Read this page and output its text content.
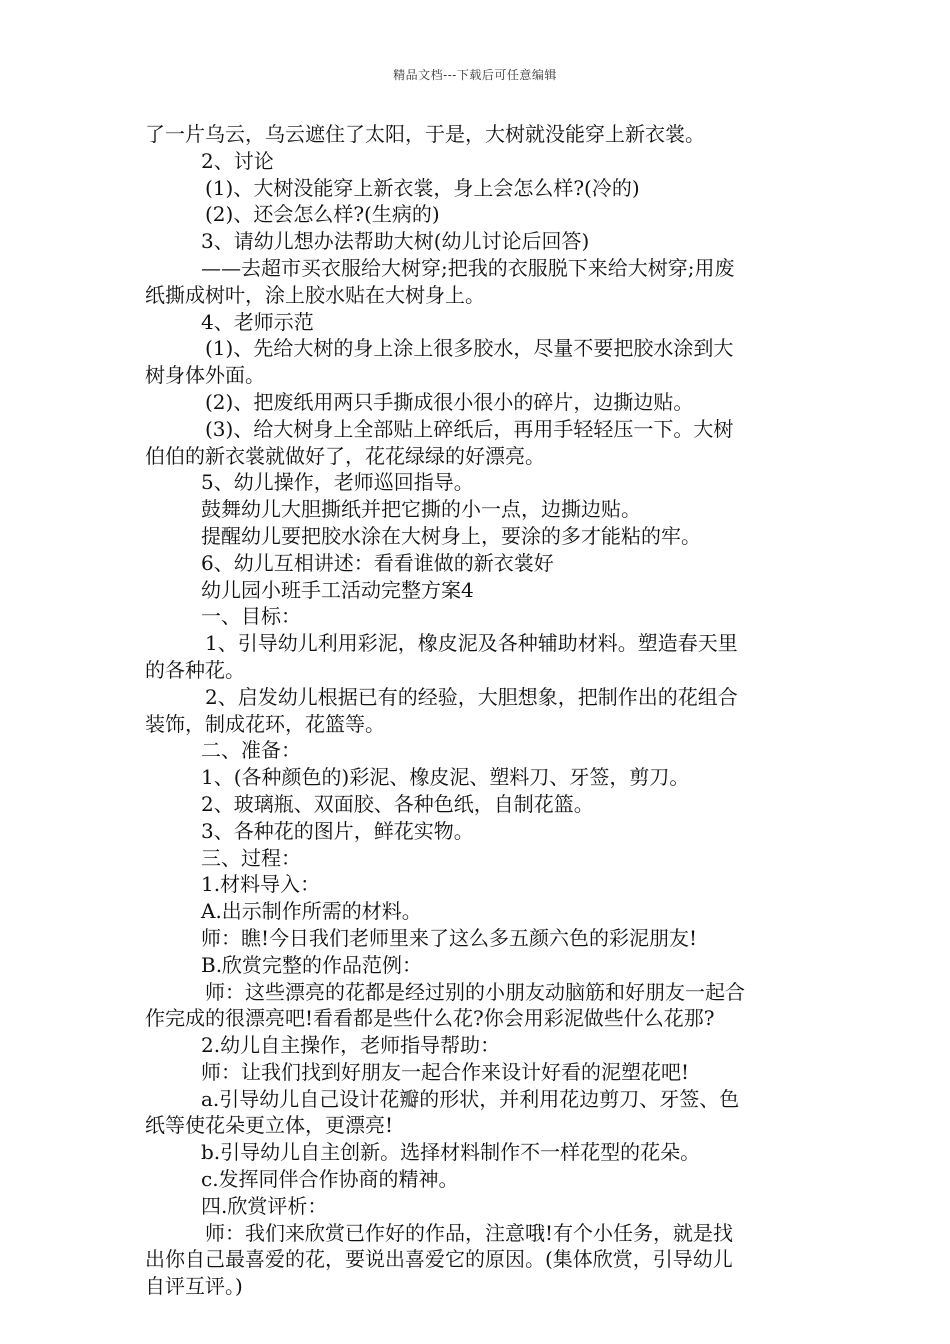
精品文档---下载后可任意编辑
了一片乌云，乌云遮住了太阳，于是，大树就没能穿上新衣裳。
2、讨论
(1)、大树没能穿上新衣裳，身上会怎么样?(冷的)
(2)、还会怎么样?(生病的)
3、请幼儿想办法帮助大树(幼儿讨论后回答)
——去超市买衣服给大树穿;把我的衣服脱下来给大树穿;用废
纸撕成树叶，涂上胶水贴在大树身上。
4、老师示范
(1)、先给大树的身上涂上很多胶水，尽量不要把胶水涂到大
树身体外面。
(2)、把废纸用两只手撕成很小很小的碎片，边撕边贴。
(3)、给大树身上全部贴上碎纸后，再用手轻轻压一下。大树
伯伯的新衣裳就做好了，花花绿绿的好漂亮。
5、幼儿操作，老师巡回指导。
鼓舞幼儿大胆撕纸并把它撕的小一点，边撕边贴。
提醒幼儿要把胶水涂在大树身上，要涂的多才能粘的牢。
6、幼儿互相讲述：看看谁做的新衣裳好
幼儿园小班手工活动完整方案4
一、目标：
1、引导幼儿利用彩泥，橡皮泥及各种辅助材料。塑造春天里
的各种花。
2、启发幼儿根据已有的经验，大胆想象，把制作出的花组合
装饰，制成花环，花篮等。
二、准备：
1、(各种颜色的)彩泥、橡皮泥、塑料刀、牙签，剪刀。
2、玻璃瓶、双面胶、各种色纸，自制花篮。
3、各种花的图片，鲜花实物。
三、过程：
1.材料导入：
A.出示制作所需的材料。
师：瞧!今日我们老师里来了这么多五颜六色的彩泥朋友!
B.欣赏完整的作品范例：
师：这些漂亮的花都是经过别的小朋友动脑筋和好朋友一起合
作完成的很漂亮吧!看看都是些什么花?你会用彩泥做些什么花那?
2.幼儿自主操作，老师指导帮助：
师：让我们找到好朋友一起合作来设计好看的泥塑花吧!
a.引导幼儿自己设计花瓣的形状，并利用花边剪刀、牙签、色
纸等使花朵更立体，更漂亮!
b.引导幼儿自主创新。选择材料制作不一样花型的花朵。
c.发挥同伴合作协商的精神。
四.欣赏评析：
师：我们来欣赏已作好的作品，注意哦!有个小任务，就是找
出你自己最喜爱的花，要说出喜爱它的原因。(集体欣赏，引导幼儿
自评互评。)
